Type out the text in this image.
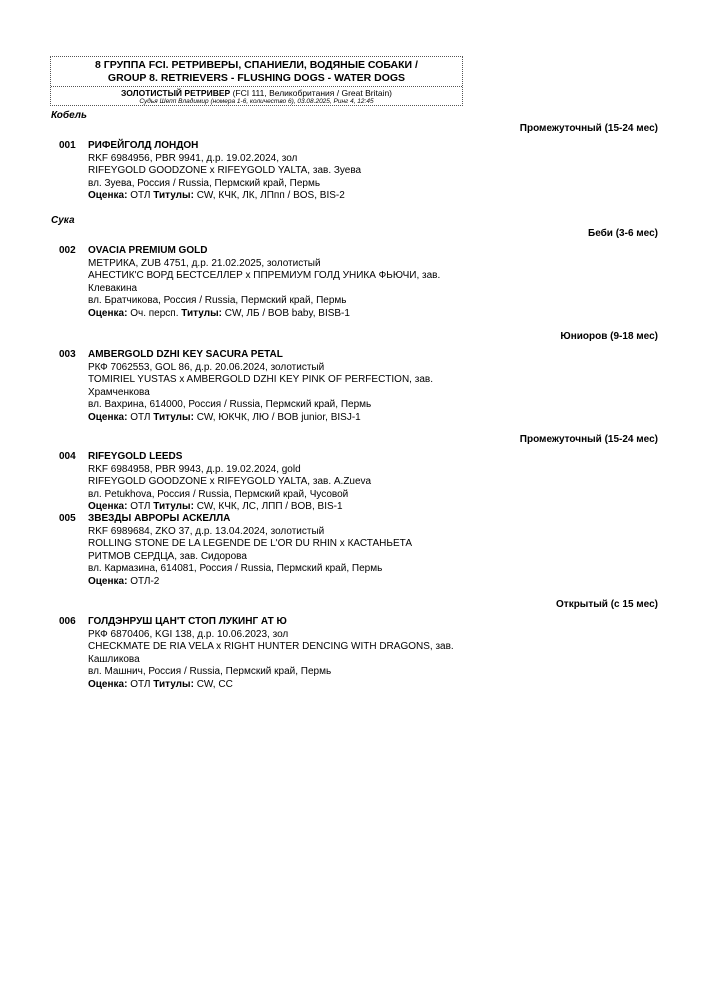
8 ГРУППА FCI. РЕТРИВЕРЫ, СПАНИЕЛИ, ВОДЯНЫЕ СОБАКИ /
GROUP 8. RETRIEVERS - FLUSHING DOGS - WATER DOGS
ЗОЛОТИСТЫЙ РЕТРИВЕР (FCI 111, Великобритания / Great Britain)
Судья Шепп Владимир (номера 1-6, количество 6), 03.08.2025, Ринг 4, 12:45
Кобель
Промежуточный (15-24 мес)
001 РИФЕЙГОЛД ЛОНДОН
RKF 6984956, PBR 9941, д.р. 19.02.2024, зол
RIFEYGOLD GOODZONE x RIFEYGOLD YALTA, зав. Зуева
вл. Зуева, Россия / Russia, Пермский край, Пермь
Оценка: ОТЛ Титулы: CW, КЧК, ЛК, ЛПпп / BOS, BIS-2
Сука
Беби (3-6 мес)
002 OVACIA PREMIUM GOLD
МЕТРИКА, ZUB 4751, д.р. 21.02.2025, золотистый
АНЕСТИК'С ВОРД БЕСТСЕЛЛЕР x ППРЕМИУМ ГОЛД УНИКА ФЬЮЧИ, зав. Клевакина
вл. Братчикова, Россия / Russia, Пермский край, Пермь
Оценка: Оч. персп. Титулы: CW, ЛБ / BOB baby, BISB-1
Юниоров (9-18 мес)
003 AMBERGOLD DZHI KEY SACURA PETAL
РКФ 7062553, GOL 86, д.р. 20.06.2024, золотистый
TOMIRIEL YUSTAS x AMBERGOLD DZHI KEY PINK OF PERFECTION, зав. Храмченкова
вл. Вахрина, 614000, Россия / Russia, Пермский край, Пермь
Оценка: ОТЛ Титулы: CW, ЮКЧК, ЛЮ / BOB junior, BISJ-1
Промежуточный (15-24 мес)
004 RIFEYGOLD LEEDS
RKF 6984958, PBR 9943, д.р. 19.02.2024, gold
RIFEYGOLD GOODZONE x RIFEYGOLD YALTA, зав. A.Zueva
вл. Petukhova, Россия / Russia, Пермский край, Чусовой
Оценка: ОТЛ Титулы: CW, КЧК, ЛС, ЛПП / BOB, BIS-1
005 ЗВЕЗДЫ АВРОРЫ АСКЕЛЛА
RKF 6989684, ZKO 37, д.р. 13.04.2024, золотистый
ROLLING STONE DE LA LEGENDE DE L'OR DU RHIN x КАСТАНЬЕТА РИТМОВ СЕРДЦА, зав. Сидорова
вл. Кармазина, 614081, Россия / Russia, Пермский край, Пермь
Оценка: ОТЛ-2
Открытый (с 15 мес)
006 ГОЛДЭНРУШ ЦАН'Т СТОП ЛУКИНГ АТ Ю
РКФ 6870406, KGI 138, д.р. 10.06.2023, зол
CHECKMATE DE RIA VELA x RIGHT HUNTER DENCING WITH DRAGONS, зав. Кашликова
вл. Машнич, Россия / Russia, Пермский край, Пермь
Оценка: ОТЛ Титулы: CW, CC
